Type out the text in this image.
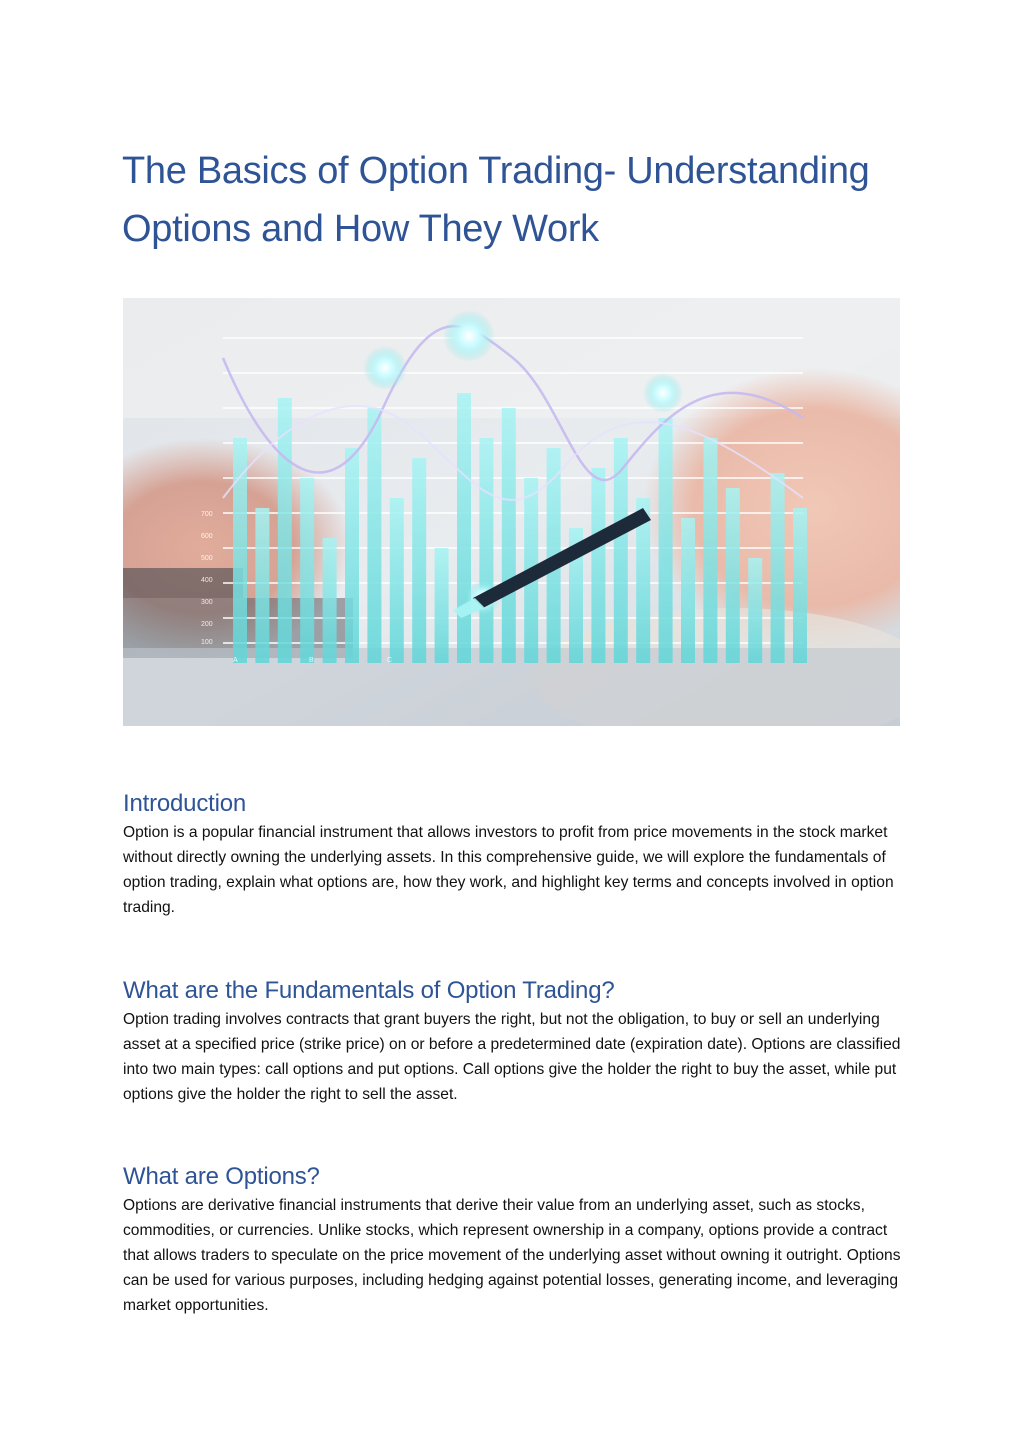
The Basics of Option Trading- Understanding Options and How They Work
700
600
500
400
300
200
100
A	B	C
Introduction

Option is a popular financial instrument that allows investors to profit from price movements in the stock market without directly owning the underlying assets. In this comprehensive guide, we will explore the fundamentals of option trading, explain what options are, how they work, and highlight key terms and concepts involved in option trading.

What are the Fundamentals of Option Trading?

Option trading involves contracts that grant buyers the right, but not the obligation, to buy or sell an underlying asset at a specified price (strike price) on or before a predetermined date (expiration date). Options are classified into two main types: call options and put options. Call options give the holder the right to buy the asset, while put options give the holder the right to sell the asset.

What are Options?

Options are derivative financial instruments that derive their value from an underlying asset, such as stocks, commodities, or currencies. Unlike stocks, which represent ownership in a company, options provide a contract that allows traders to speculate on the price movement of the underlying asset without owning it outright. Options can be used for various purposes, including hedging against potential losses, generating income, and leveraging market opportunities.
